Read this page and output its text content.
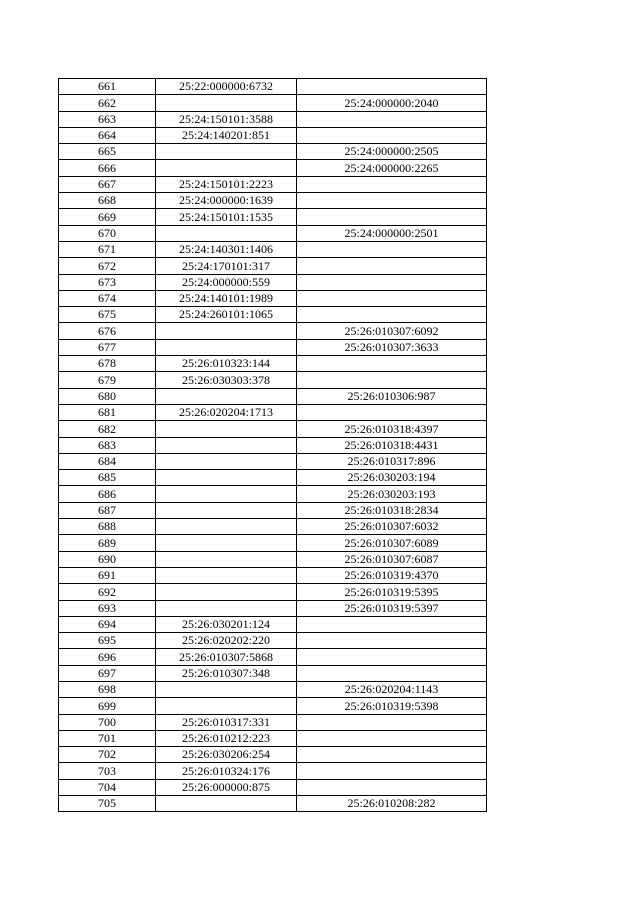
661	25:22:000000:6732	
662		25:24:000000:2040
663	25:24:150101:3588	
664	25:24:140201:851	
665		25:24:000000:2505
666		25:24:000000:2265
667	25:24:150101:2223	
668	25:24:000000:1639	
669	25:24:150101:1535	
670		25:24:000000:2501
671	25:24:140301:1406	
672	25:24:170101:317	
673	25:24:000000:559	
674	25:24:140101:1989	
675	25:24:260101:1065	
676		25:26:010307:6092
677		25:26:010307:3633
678	25:26:010323:144	
679	25:26:030303:378	
680		25:26:010306:987
681	25:26:020204:1713	
682		25:26:010318:4397
683		25:26:010318:4431
684		25:26:010317:896
685		25:26:030203:194
686		25:26:030203:193
687		25:26:010318:2834
688		25:26:010307:6032
689		25:26:010307:6089
690		25:26:010307:6087
691		25:26:010319:4370
692		25:26:010319:5395
693		25:26:010319:5397
694	25:26:030201:124	
695	25:26:020202:220	
696	25:26:010307:5868	
697	25:26:010307:348	
698		25:26:020204:1143
699		25:26:010319:5398
700	25:26:010317:331	
701	25:26:010212:223	
702	25:26:030206:254	
703	25:26:010324:176	
704	25:26:000000:875	
705		25:26:010208:282
